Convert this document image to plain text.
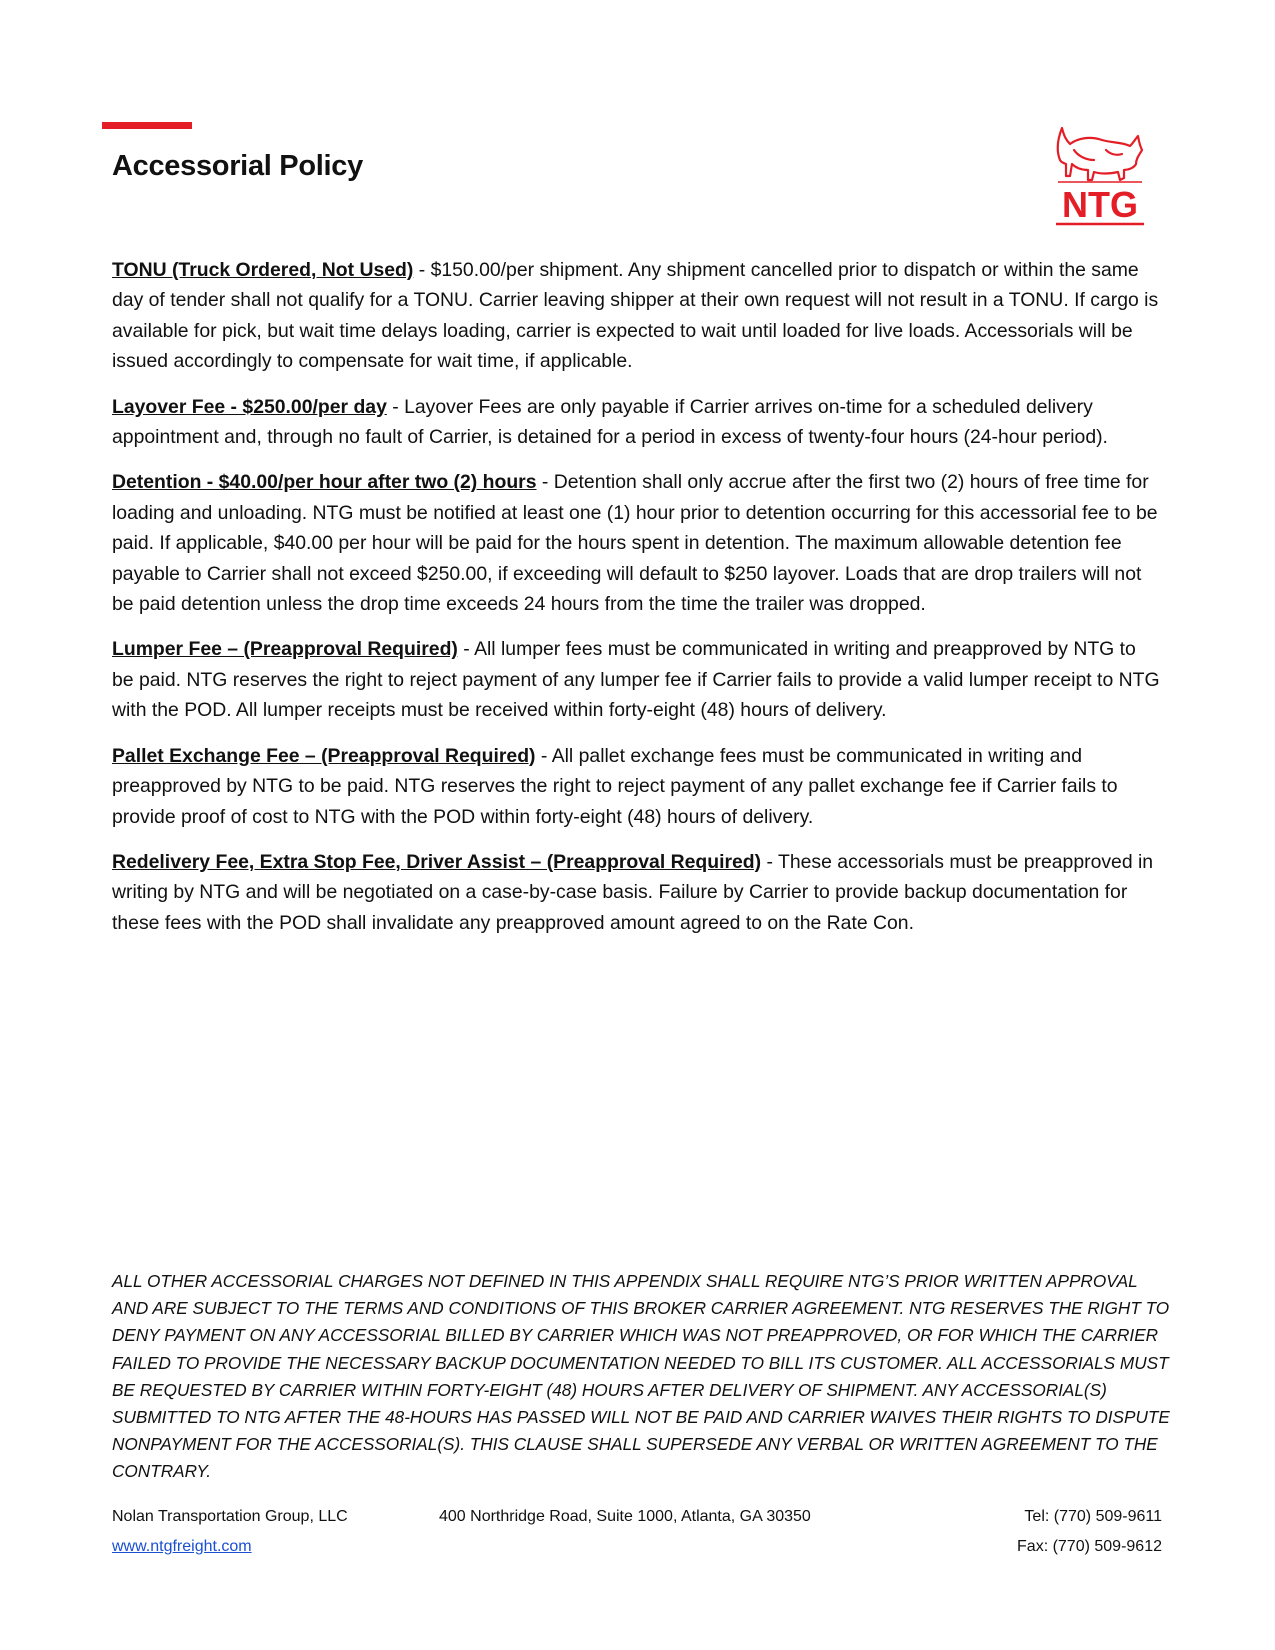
Accessorial Policy
NTG

TONU (Truck Ordered, Not Used) - $150.00/per shipment. Any shipment cancelled prior to dispatch or within the same day of tender shall not qualify for a TONU. Carrier leaving shipper at their own request will not result in a TONU. If cargo is available for pick, but wait time delays loading, carrier is expected to wait until loaded for live loads. Accessorials will be issued accordingly to compensate for wait time, if applicable.

Layover Fee - $250.00/per day - Layover Fees are only payable if Carrier arrives on-time for a scheduled delivery appointment and, through no fault of Carrier, is detained for a period in excess of twenty-four hours (24-hour period).

Detention - $40.00/per hour after two (2) hours - Detention shall only accrue after the first two (2) hours of free time for loading and unloading. NTG must be notified at least one (1) hour prior to detention occurring for this accessorial fee to be paid. If applicable, $40.00 per hour will be paid for the hours spent in detention. The maximum allowable detention fee payable to Carrier shall not exceed $250.00, if exceeding will default to $250 layover. Loads that are drop trailers will not be paid detention unless the drop time exceeds 24 hours from the time the trailer was dropped.

Lumper Fee – (Preapproval Required) - All lumper fees must be communicated in writing and preapproved by NTG to be paid. NTG reserves the right to reject payment of any lumper fee if Carrier fails to provide a valid lumper receipt to NTG with the POD. All lumper receipts must be received within forty-eight (48) hours of delivery.

Pallet Exchange Fee – (Preapproval Required) - All pallet exchange fees must be communicated in writing and preapproved by NTG to be paid. NTG reserves the right to reject payment of any pallet exchange fee if Carrier fails to provide proof of cost to NTG with the POD within forty-eight (48) hours of delivery.

Redelivery Fee, Extra Stop Fee, Driver Assist – (Preapproval Required) - These accessorials must be preapproved in writing by NTG and will be negotiated on a case-by-case basis. Failure by Carrier to provide backup documentation for these fees with the POD shall invalidate any preapproved amount agreed to on the Rate Con.

ALL OTHER ACCESSORIAL CHARGES NOT DEFINED IN THIS APPENDIX SHALL REQUIRE NTG’S PRIOR WRITTEN APPROVAL AND ARE SUBJECT TO THE TERMS AND CONDITIONS OF THIS BROKER CARRIER AGREEMENT. NTG RESERVES THE RIGHT TO DENY PAYMENT ON ANY ACCESSORIAL BILLED BY CARRIER WHICH WAS NOT PREAPPROVED, OR FOR WHICH THE CARRIER FAILED TO PROVIDE THE NECESSARY BACKUP DOCUMENTATION NEEDED TO BILL ITS CUSTOMER. ALL ACCESSORIALS MUST BE REQUESTED BY CARRIER WITHIN FORTY-EIGHT (48) HOURS AFTER DELIVERY OF SHIPMENT. ANY ACCESSORIAL(S) SUBMITTED TO NTG AFTER THE 48-HOURS HAS PASSED WILL NOT BE PAID AND CARRIER WAIVES THEIR RIGHTS TO DISPUTE NONPAYMENT FOR THE ACCESSORIAL(S). THIS CLAUSE SHALL SUPERSEDE ANY VERBAL OR WRITTEN AGREEMENT TO THE CONTRARY.

Nolan Transportation Group, LLC	400 Northridge Road, Suite 1000, Atlanta, GA 30350	Tel: (770) 509-9611
www.ntgfreight.com	Fax: (770) 509-9612
